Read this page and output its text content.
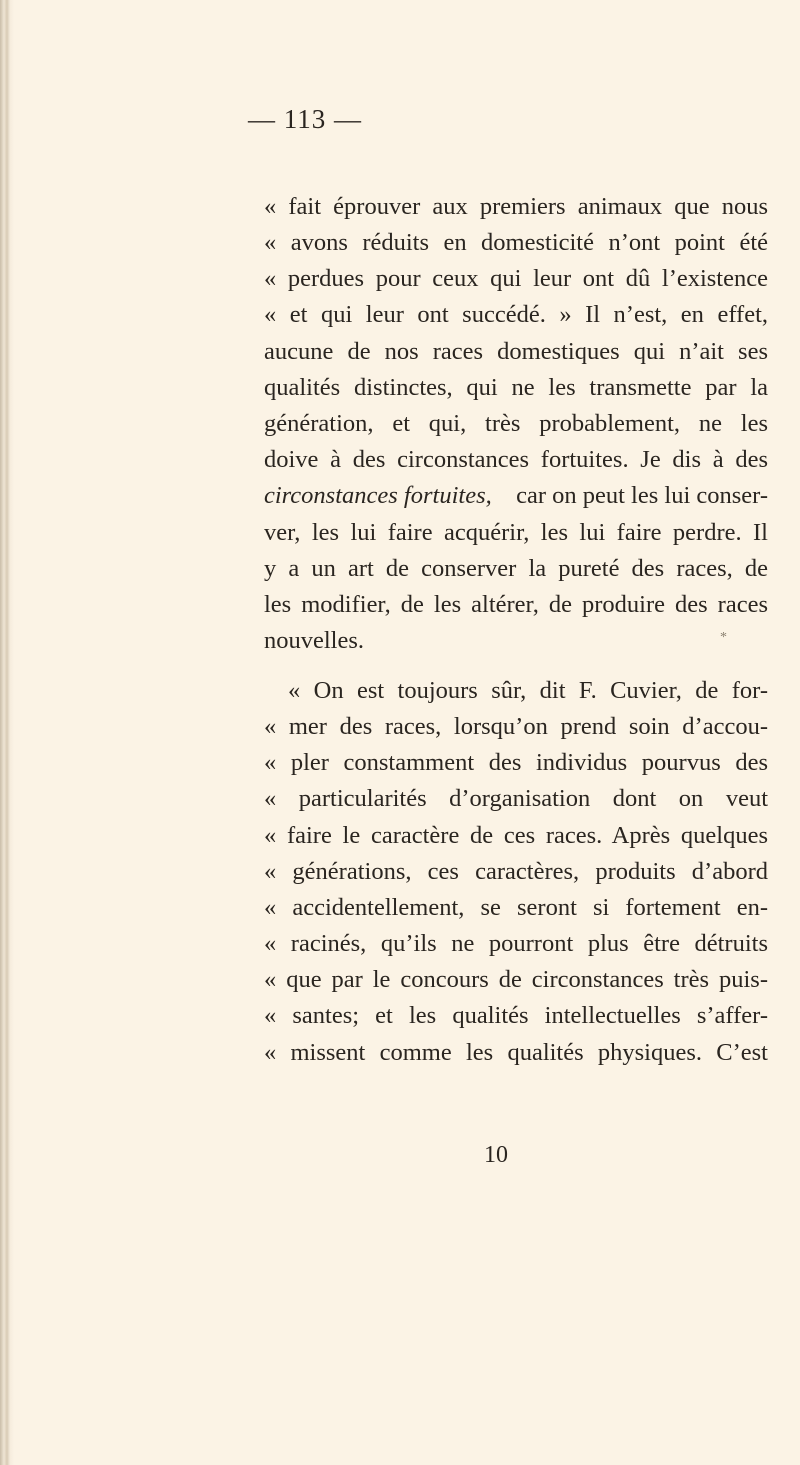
— 113 —
« fait éprouver aux premiers animaux que nous
« avons réduits en domesticité n’ont point été
« perdues pour ceux qui leur ont dû l’existence
« et qui leur ont succédé. » Il n’est, en effet,
aucune de nos races domestiques qui n’ait ses
qualités distinctes, qui ne les transmette par la
génération, et qui, très probablement, ne les
doive à des circonstances fortuites. Je dis à des
circonstances fortuites, car on peut les lui conser-
ver, les lui faire acquérir, les lui faire perdre. Il
y a un art de conserver la pureté des races, de
les modifier, de les altérer, de produire des races
nouvelles.	*
« On est toujours sûr, dit F. Cuvier, de for-
« mer des races, lorsqu’on prend soin d’accou-
« pler constamment des individus pourvus des
« particularités d’organisation dont on veut
« faire le caractère de ces races. Après quelques
« générations, ces caractères, produits d’abord
« accidentellement, se seront si fortement en-
« racinés, qu’ils ne pourront plus être détruits
« que par le concours de circonstances très puis-
« santes; et les qualités intellectuelles s’affer-
« missent comme les qualités physiques. C’est
10
